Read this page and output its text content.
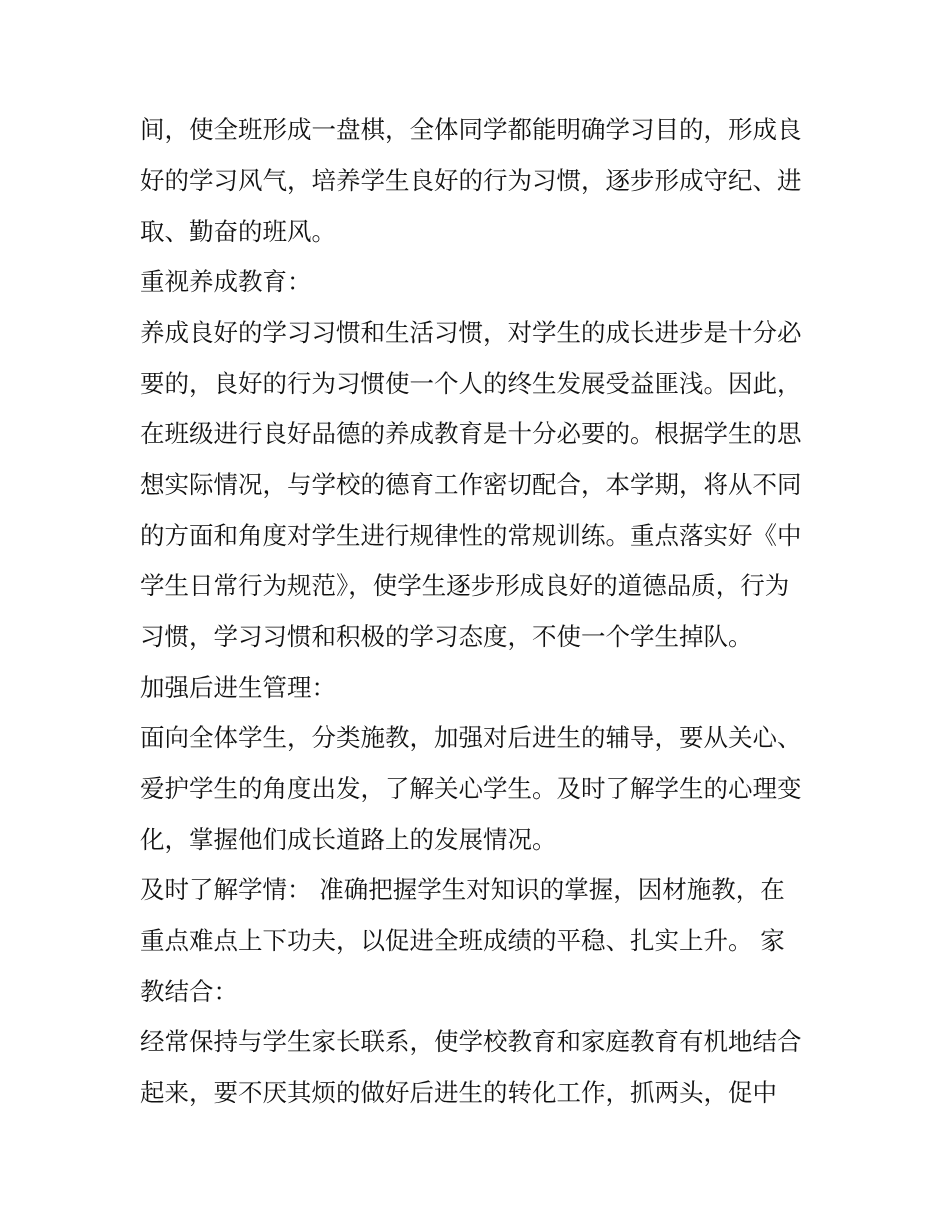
间，使全班形成一盘棋，全体同学都能明确学习目的，形成良
好的学习风气，培养学生良好的行为习惯，逐步形成守纪、进
取、勤奋的班风。
重视养成教育：
养成良好的学习习惯和生活习惯，对学生的成长进步是十分必
要的，良好的行为习惯使一个人的终生发展受益匪浅。因此，
在班级进行良好品德的养成教育是十分必要的。根据学生的思
想实际情况，与学校的德育工作密切配合，本学期，将从不同
的方面和角度对学生进行规律性的常规训练。重点落实好《中
学生日常行为规范》，使学生逐步形成良好的道德品质，行为
习惯，学习习惯和积极的学习态度，不使一个学生掉队。
加强后进生管理：
面向全体学生，分类施教，加强对后进生的辅导，要从关心、
爱护学生的角度出发，了解关心学生。及时了解学生的心理变
化，掌握他们成长道路上的发展情况。
及时了解学情： 准确把握学生对知识的掌握，因材施教，在
重点难点上下功夫，以促进全班成绩的平稳、扎实上升。 家
教结合：
经常保持与学生家长联系，使学校教育和家庭教育有机地结合
起来，要不厌其烦的做好后进生的转化工作，抓两头，促中
